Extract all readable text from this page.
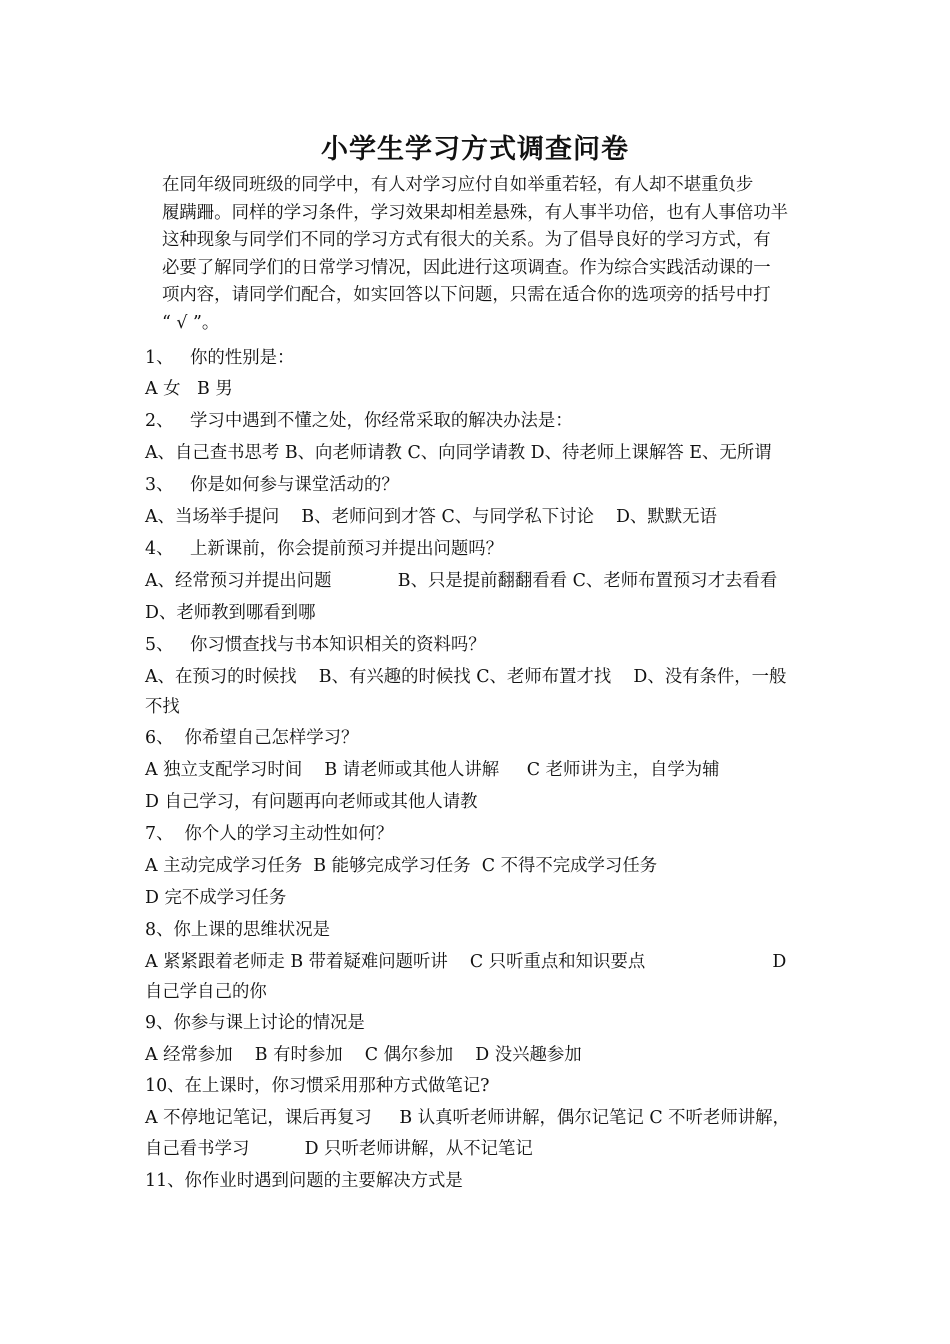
小学生学习方式调查问卷
在同年级同班级的同学中，有人对学习应付自如举重若轻，有人却不堪重负步
履蹒跚。同样的学习条件，学习效果却相差悬殊，有人事半功倍，也有人事倍功半
这种现象与同学们不同的学习方式有很大的关系。为了倡导良好的学习方式，有
必要了解同学们的日常学习情况，因此进行这项调查。作为综合实践活动课的一
项内容，请同学们配合，如实回答以下问题，只需在适合你的选项旁的括号中打
“ √ ”。
1、   你的性别是：
A 女   B 男
2、   学习中遇到不懂之处，你经常采取的解决办法是：
A、自己查书思考 B、向老师请教 C、向同学请教 D、待老师上课解答 E、无所谓
3、   你是如何参与课堂活动的？
A、当场举手提问    B、老师问到才答 C、与同学私下讨论    D、默默无语
4、   上新课前，你会提前预习并提出问题吗？
A、经常预习并提出问题            B、只是提前翻翻看看 C、老师布置预习才去看看
D、老师教到哪看到哪
5、   你习惯查找与书本知识相关的资料吗？
A、在预习的时候找    B、有兴趣的时候找 C、老师布置才找    D、没有条件，一般
不找
6、  你希望自己怎样学习？
A 独立支配学习时间    B 请老师或其他人讲解     C 老师讲为主，自学为辅
D 自己学习，有问题再向老师或其他人请教
7、  你个人的学习主动性如何？
A 主动完成学习任务  B 能够完成学习任务  C 不得不完成学习任务
D 完不成学习任务
8、你上课的思维状况是
A 紧紧跟着老师走 B 带着疑难问题听讲    C 只听重点和知识要点                       D
自己学自己的你
9、你参与课上讨论的情况是
A 经常参加    B 有时参加    C 偶尔参加    D 没兴趣参加
10、在上课时，你习惯采用那种方式做笔记?
A 不停地记笔记，课后再复习     B 认真听老师讲解，偶尔记笔记 C 不听老师讲解，
自己看书学习          D 只听老师讲解，从不记笔记
11、你作业时遇到问题的主要解决方式是
